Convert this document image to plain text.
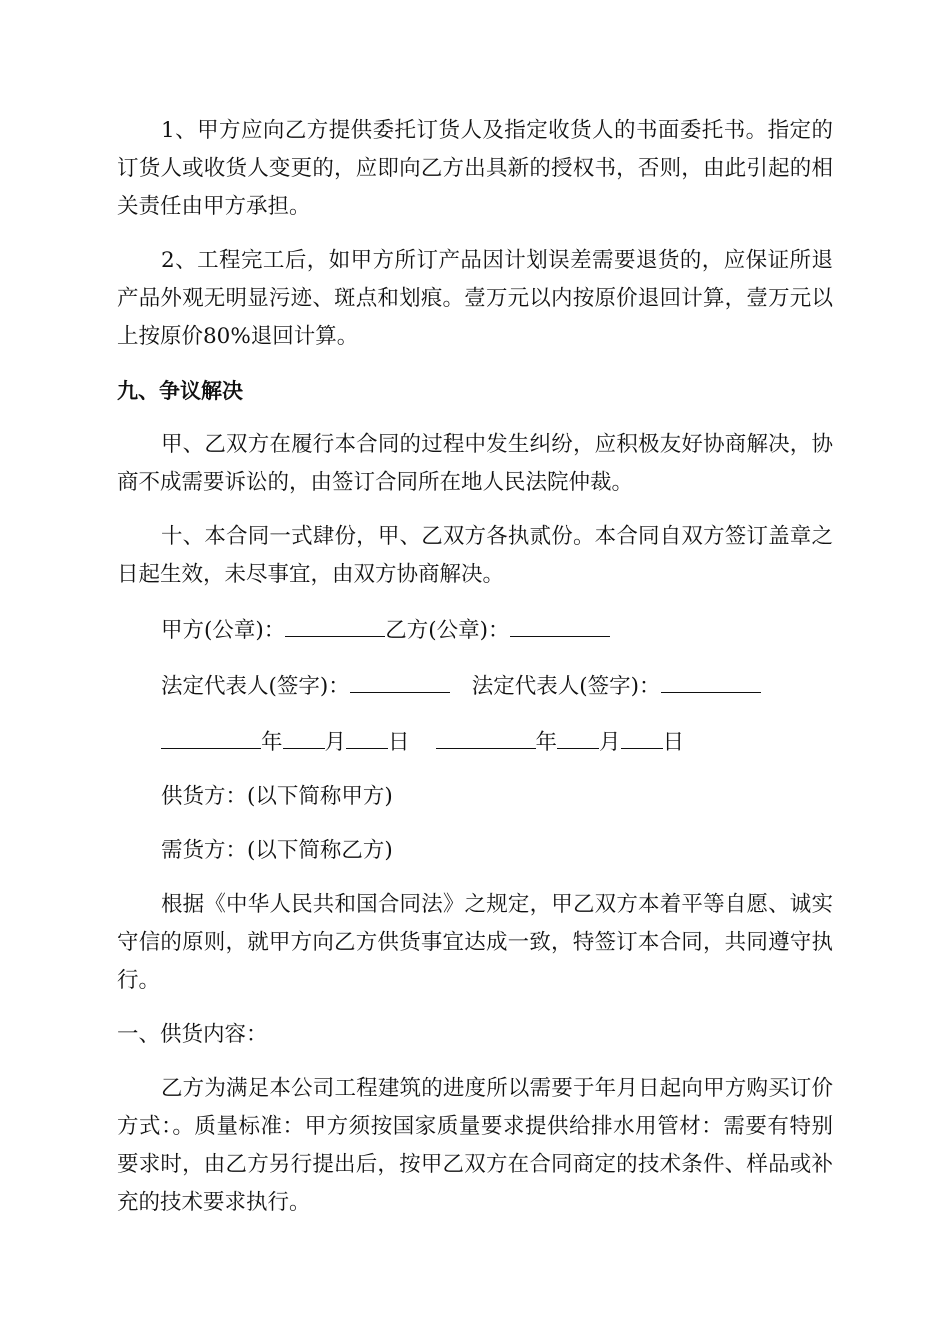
1、甲方应向乙方提供委托订货人及指定收货人的书面委托书。指定的订货人或收货人变更的，应即向乙方出具新的授权书，否则，由此引起的相关责任由甲方承担。

2、工程完工后，如甲方所订产品因计划误差需要退货的，应保证所退产品外观无明显污迹、斑点和划痕。壹万元以内按原价退回计算，壹万元以上按原价80%退回计算。

九、争议解决

甲、乙双方在履行本合同的过程中发生纠纷，应积极友好协商解决，协商不成需要诉讼的，由签订合同所在地人民法院仲裁。

十、本合同一式肆份，甲、乙双方各执贰份。本合同自双方签订盖章之日起生效，未尽事宜，由双方协商解决。

甲方(公章)：	乙方(公章)：
法定代表人(签字)：	法定代表人(签字)：
年 月 日	年 月 日

供货方：(以下简称甲方)

需货方：(以下简称乙方)

根据《中华人民共和国合同法》之规定，甲乙双方本着平等自愿、诚实守信的原则，就甲方向乙方供货事宜达成一致，特签订本合同，共同遵守执行。

一、供货内容：

乙方为满足本公司工程建筑的进度所以需要于年月日起向甲方购买订价方式：。质量标准：甲方须按国家质量要求提供给排水用管材：需要有特别要求时，由乙方另行提出后，按甲乙双方在合同商定的技术条件、样品或补充的技术要求执行。
